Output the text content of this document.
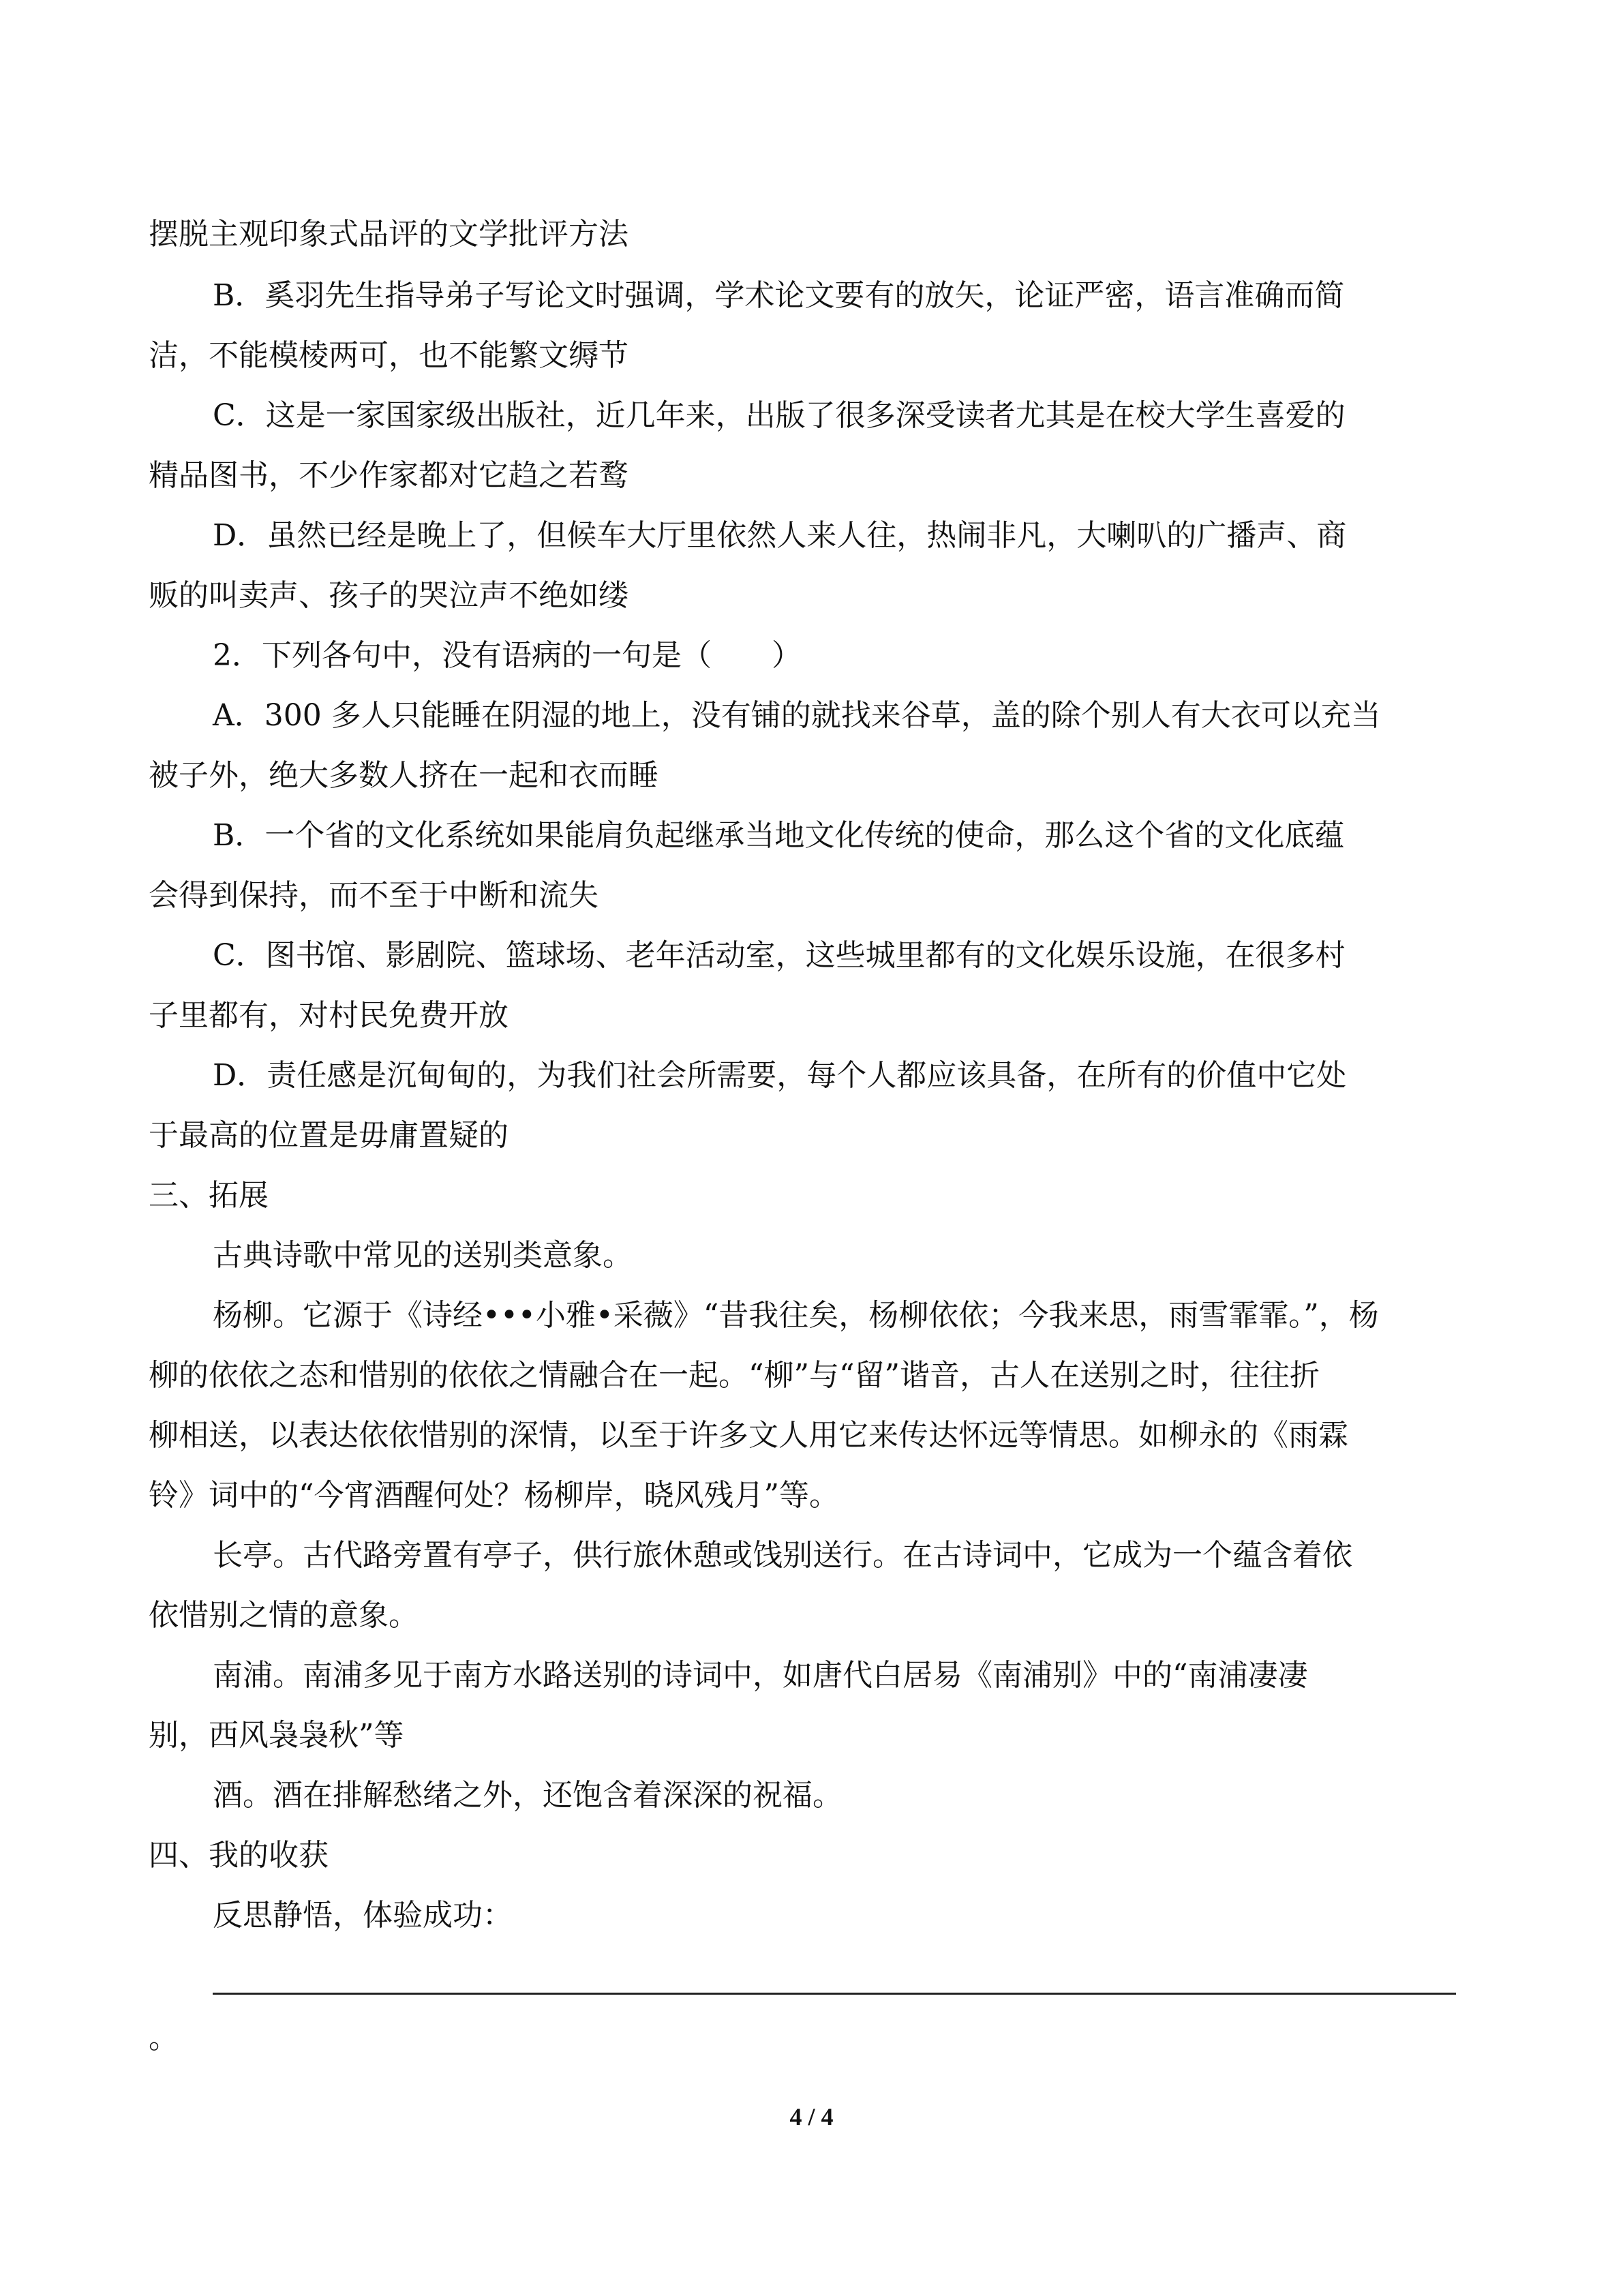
摆脱主观印象式品评的文学批评方法
B．奚羽先生指导弟子写论文时强调，学术论文要有的放矢，论证严密，语言准确而简
洁，不能模棱两可，也不能繁文缛节
C．这是一家国家级出版社，近几年来，出版了很多深受读者尤其是在校大学生喜爱的
精品图书，不少作家都对它趋之若鹜
D．虽然已经是晚上了，但候车大厅里依然人来人往，热闹非凡，大喇叭的广播声、商
贩的叫卖声、孩子的哭泣声不绝如缕
2．下列各句中，没有语病的一句是（　　）
A．300 多人只能睡在阴湿的地上，没有铺的就找来谷草，盖的除个别人有大衣可以充当
被子外，绝大多数人挤在一起和衣而睡
B．一个省的文化系统如果能肩负起继承当地文化传统的使命，那么这个省的文化底蕴
会得到保持，而不至于中断和流失
C．图书馆、影剧院、篮球场、老年活动室，这些城里都有的文化娱乐设施，在很多村
子里都有，对村民免费开放
D．责任感是沉甸甸的，为我们社会所需要，每个人都应该具备，在所有的价值中它处
于最高的位置是毋庸置疑的
三、拓展
古典诗歌中常见的送别类意象。
杨柳。它源于《诗经•••小雅•采薇》“昔我往矣，杨柳依依；今我来思，雨雪霏霏。”，杨
柳的依依之态和惜别的依依之情融合在一起。“柳”与“留”谐音，古人在送别之时，往往折
柳相送，以表达依依惜别的深情，以至于许多文人用它来传达怀远等情思。如柳永的《雨霖
铃》词中的“今宵酒醒何处？杨柳岸，晓风残月”等。
长亭。古代路旁置有亭子，供行旅休憩或饯别送行。在古诗词中，它成为一个蕴含着依
依惜别之情的意象。
南浦。南浦多见于南方水路送别的诗词中，如唐代白居易《南浦别》中的“南浦凄凄
别，西风袅袅秋”等
酒。酒在排解愁绪之外，还饱含着深深的祝福。
四、我的收获
反思静悟，体验成功：
。
4 / 4
